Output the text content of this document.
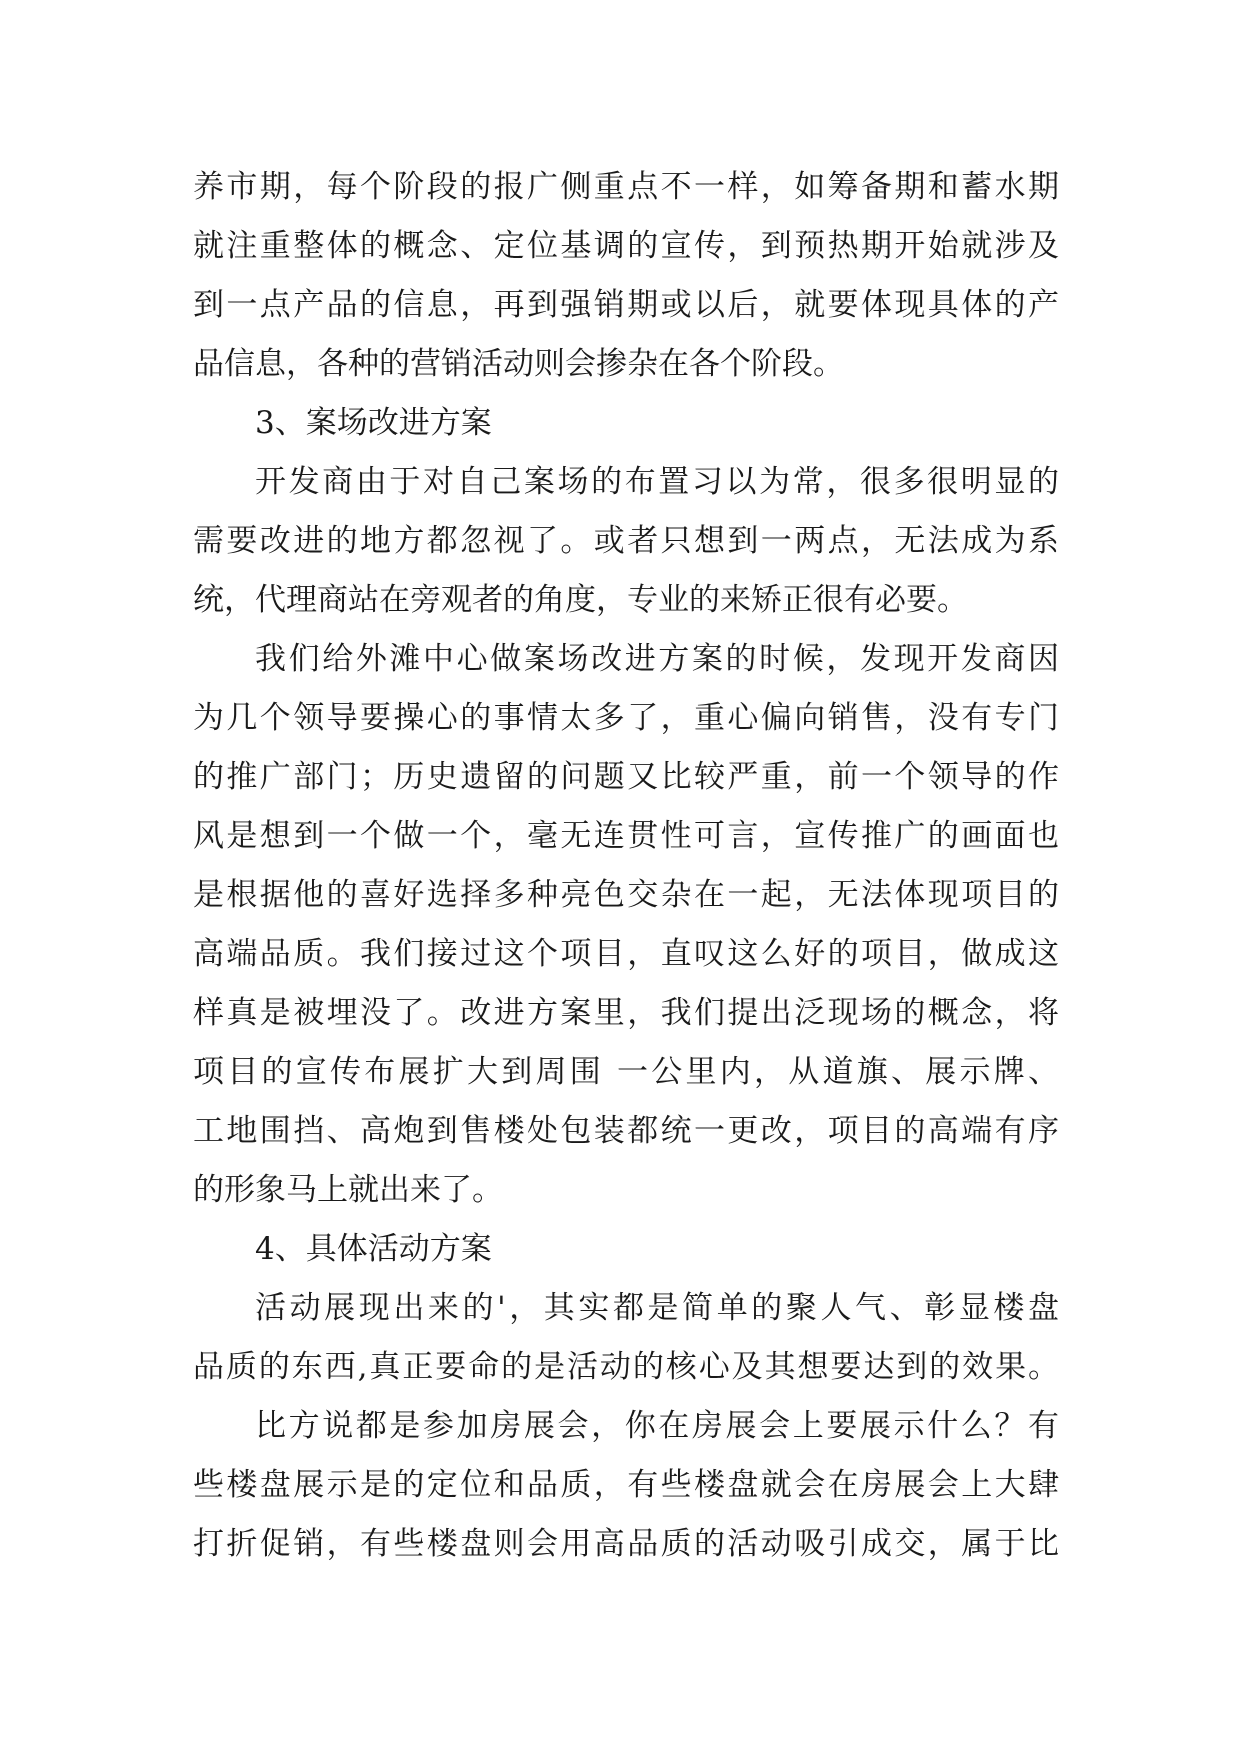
养市期，每个阶段的报广侧重点不一样，如筹备期和蓄水期
就注重整体的概念、定位基调的宣传，到预热期开始就涉及
到一点产品的信息，再到强销期或以后，就要体现具体的产
品信息，各种的营销活动则会掺杂在各个阶段。
3、案场改进方案
开发商由于对自己案场的布置习以为常，很多很明显的
需要改进的地方都忽视了。或者只想到一两点，无法成为系
统，代理商站在旁观者的角度，专业的来矫正很有必要。
我们给外滩中心做案场改进方案的时候，发现开发商因
为几个领导要操心的事情太多了，重心偏向销售，没有专门
的推广部门；历史遗留的问题又比较严重，前一个领导的作
风是想到一个做一个，毫无连贯性可言，宣传推广的画面也
是根据他的喜好选择多种亮色交杂在一起，无法体现项目的
高端品质。我们接过这个项目，直叹这么好的项目，做成这
样真是被埋没了。改进方案里，我们提出泛现场的概念，将
项目的宣传布展扩大到周围 一公里内，从道旗、展示牌、
工地围挡、高炮到售楼处包装都统一更改，项目的高端有序
的形象马上就出来了。
4、具体活动方案
活动展现出来的'，其实都是简单的聚人气、彰显楼盘
品质的东西,真正要命的是活动的核心及其想要达到的效果。
比方说都是参加房展会，你在房展会上要展示什么？有
些楼盘展示是的定位和品质，有些楼盘就会在房展会上大肆
打折促销，有些楼盘则会用高品质的活动吸引成交，属于比
